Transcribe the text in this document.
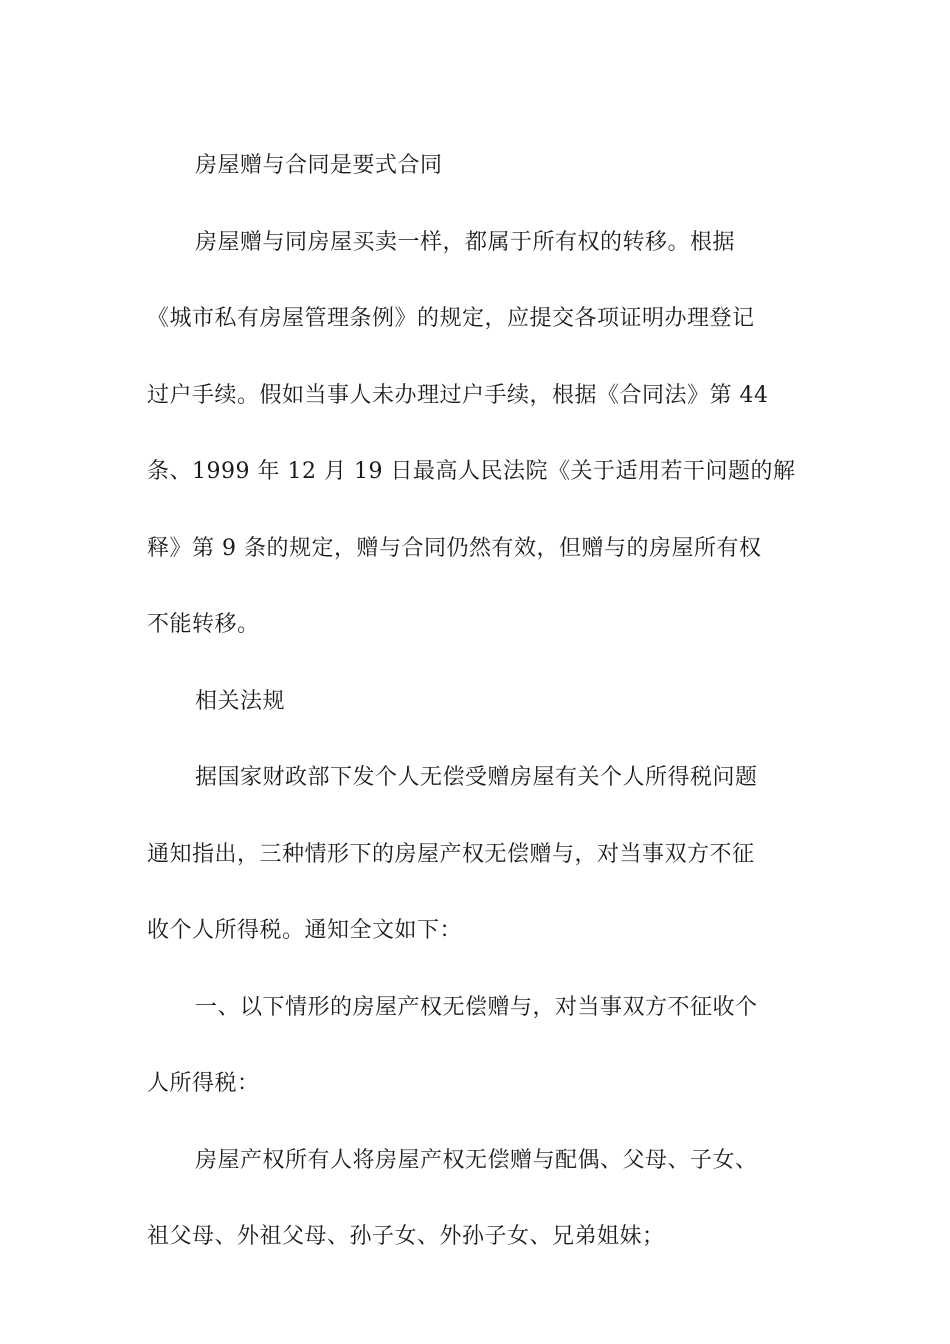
房屋赠与合同是要式合同

房屋赠与同房屋买卖一样，都属于所有权的转移。根据
《城市私有房屋管理条例》的规定，应提交各项证明办理登记
过户手续。假如当事人未办理过户手续，根据《合同法》第 44
条、1999 年 12 月 19 日最高人民法院《关于适用若干问题的解
释》第 9 条的规定，赠与合同仍然有效，但赠与的房屋所有权
不能转移。

相关法规

据国家财政部下发个人无偿受赠房屋有关个人所得税问题
通知指出，三种情形下的房屋产权无偿赠与，对当事双方不征
收个人所得税。通知全文如下：

一、以下情形的房屋产权无偿赠与，对当事双方不征收个
人所得税：

房屋产权所有人将房屋产权无偿赠与配偶、父母、子女、
祖父母、外祖父母、孙子女、外孙子女、兄弟姐妹；
